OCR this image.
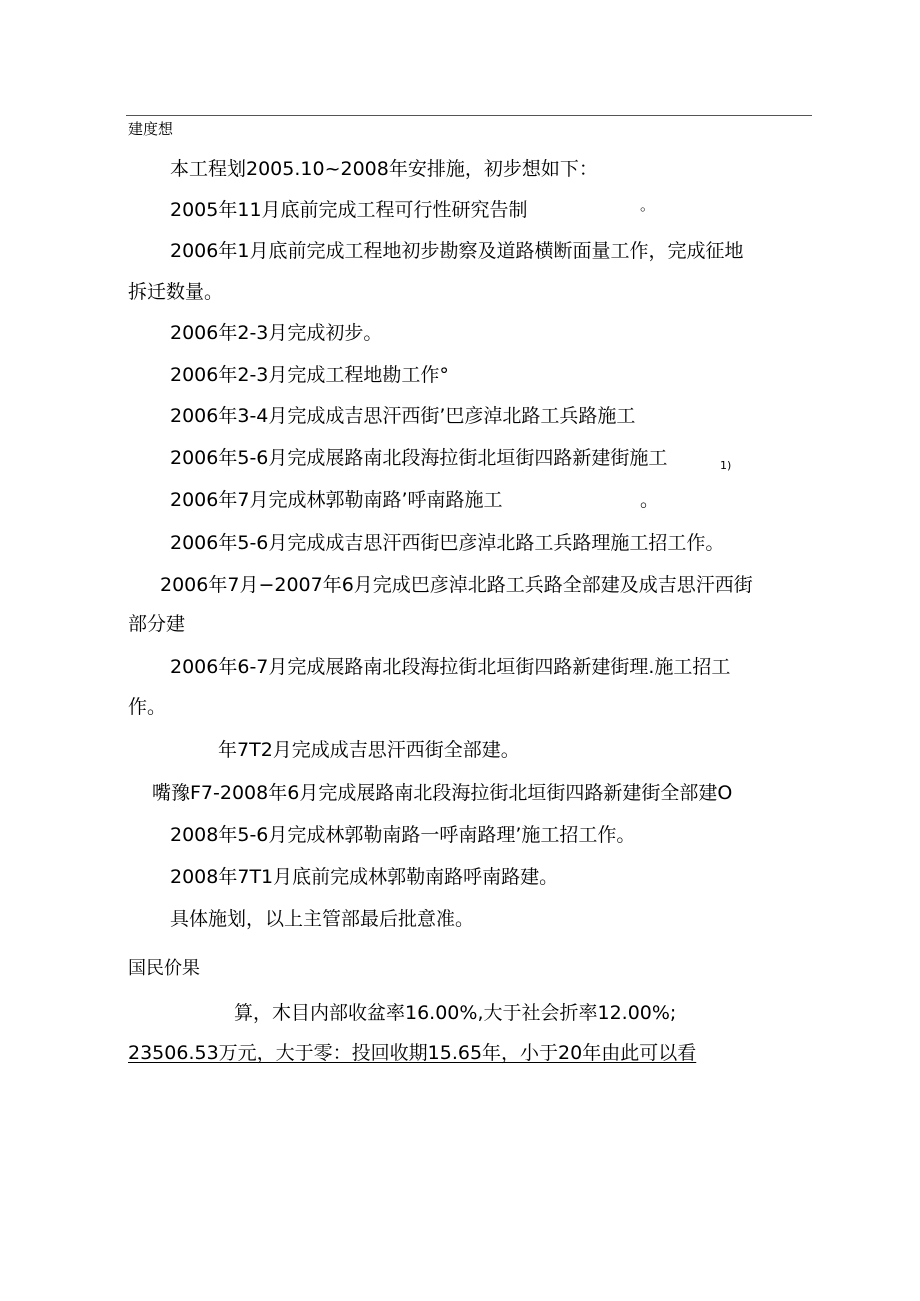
建度想
本工程划2005.10~2008年安排施，初步想如下：
2005年11月底前完成工程可行性研究告制	。
2006年1月底前完成工程地初步勘察及道路横断面量工作，完成征地
拆迁数量。
2006年2-3月完成初步。
2006年2-3月完成工程地勘工作°
2006年3-4月完成成吉思汗西街’巴彦淖北路工兵路施工
2006年5-6月完成展路南北段海拉街北垣街四路新建街施工	1)
2006年7月完成林郭勒南路’呼南路施工	。
2006年5-6月完成成吉思汗西街巴彦淖北路工兵路理施工招工作。
2006年7月−2007年6月完成巴彦淖北路工兵路全部建及成吉思汗西街
部分建
2006年6-7月完成展路南北段海拉街北垣街四路新建街理.施工招工
作。
年7T2月完成成吉思汗西街全部建。
嘴豫F7-2008年6月完成展路南北段海拉街北垣街四路新建街全部建O
2008年5-6月完成林郭勒南路一呼南路理’施工招工作。
2008年7T1月底前完成林郭勒南路呼南路建。
具体施划，以上主管部最后批意准。
国民价果
算，木目内部收盆率16.00%,大于社会折率12.00%;
23506.53万元，大于零：投回收期15.65年，小于20年由此可以看
